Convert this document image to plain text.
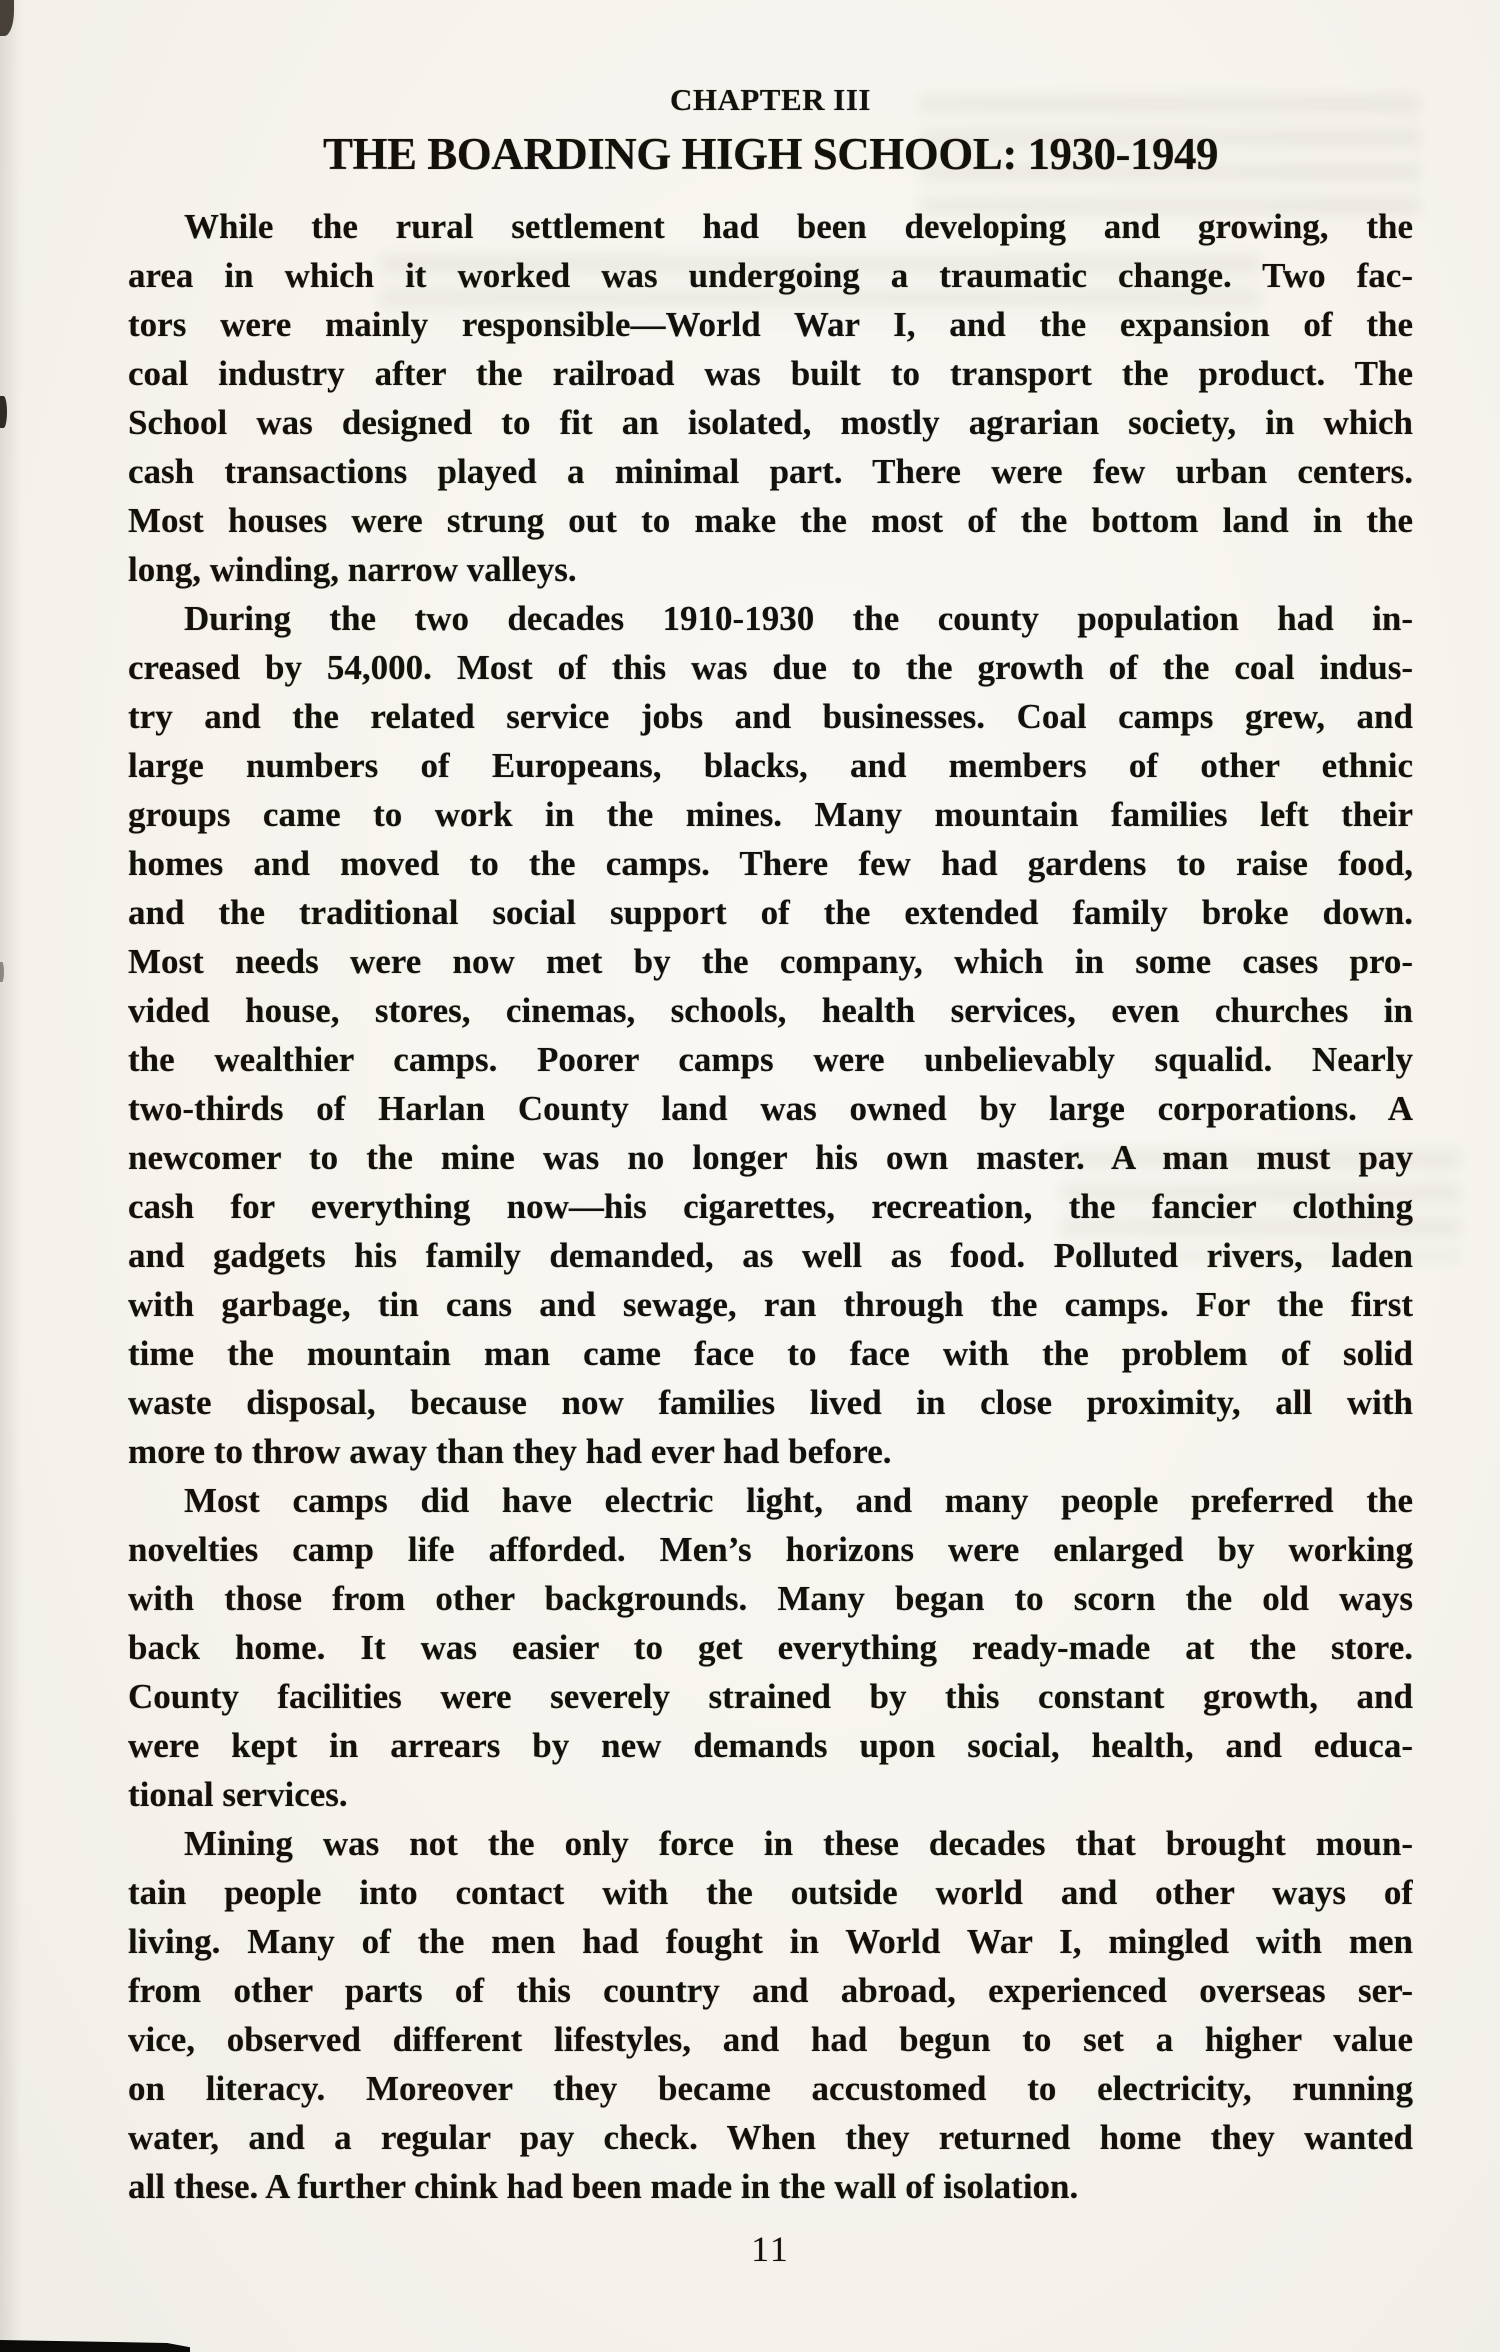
CHAPTER III
THE BOARDING HIGH SCHOOL: 1930-1949
While the rural settlement had been developing and growing, the
area in which it worked was undergoing a traumatic change. Two fac-
tors were mainly responsible—World War I, and the expansion of the
coal industry after the railroad was built to transport the product. The
School was designed to fit an isolated, mostly agrarian society, in which
cash transactions played a minimal part. There were few urban centers.
Most houses were strung out to make the most of the bottom land in the
long, winding, narrow valleys.
During the two decades 1910-1930 the county population had in-
creased by 54,000. Most of this was due to the growth of the coal indus-
try and the related service jobs and businesses. Coal camps grew, and
large numbers of Europeans, blacks, and members of other ethnic
groups came to work in the mines. Many mountain families left their
homes and moved to the camps. There few had gardens to raise food,
and the traditional social support of the extended family broke down.
Most needs were now met by the company, which in some cases pro-
vided house, stores, cinemas, schools, health services, even churches in
the wealthier camps. Poorer camps were unbelievably squalid. Nearly
two-thirds of Harlan County land was owned by large corporations. A
newcomer to the mine was no longer his own master. A man must pay
cash for everything now—his cigarettes, recreation, the fancier clothing
and gadgets his family demanded, as well as food. Polluted rivers, laden
with garbage, tin cans and sewage, ran through the camps. For the first
time the mountain man came face to face with the problem of solid
waste disposal, because now families lived in close proximity, all with
more to throw away than they had ever had before.
Most camps did have electric light, and many people preferred the
novelties camp life afforded. Men’s horizons were enlarged by working
with those from other backgrounds. Many began to scorn the old ways
back home. It was easier to get everything ready-made at the store.
County facilities were severely strained by this constant growth, and
were kept in arrears by new demands upon social, health, and educa-
tional services.
Mining was not the only force in these decades that brought moun-
tain people into contact with the outside world and other ways of
living. Many of the men had fought in World War I, mingled with men
from other parts of this country and abroad, experienced overseas ser-
vice, observed different lifestyles, and had begun to set a higher value
on literacy. Moreover they became accustomed to electricity, running
water, and a regular pay check. When they returned home they wanted
all these. A further chink had been made in the wall of isolation.
11
